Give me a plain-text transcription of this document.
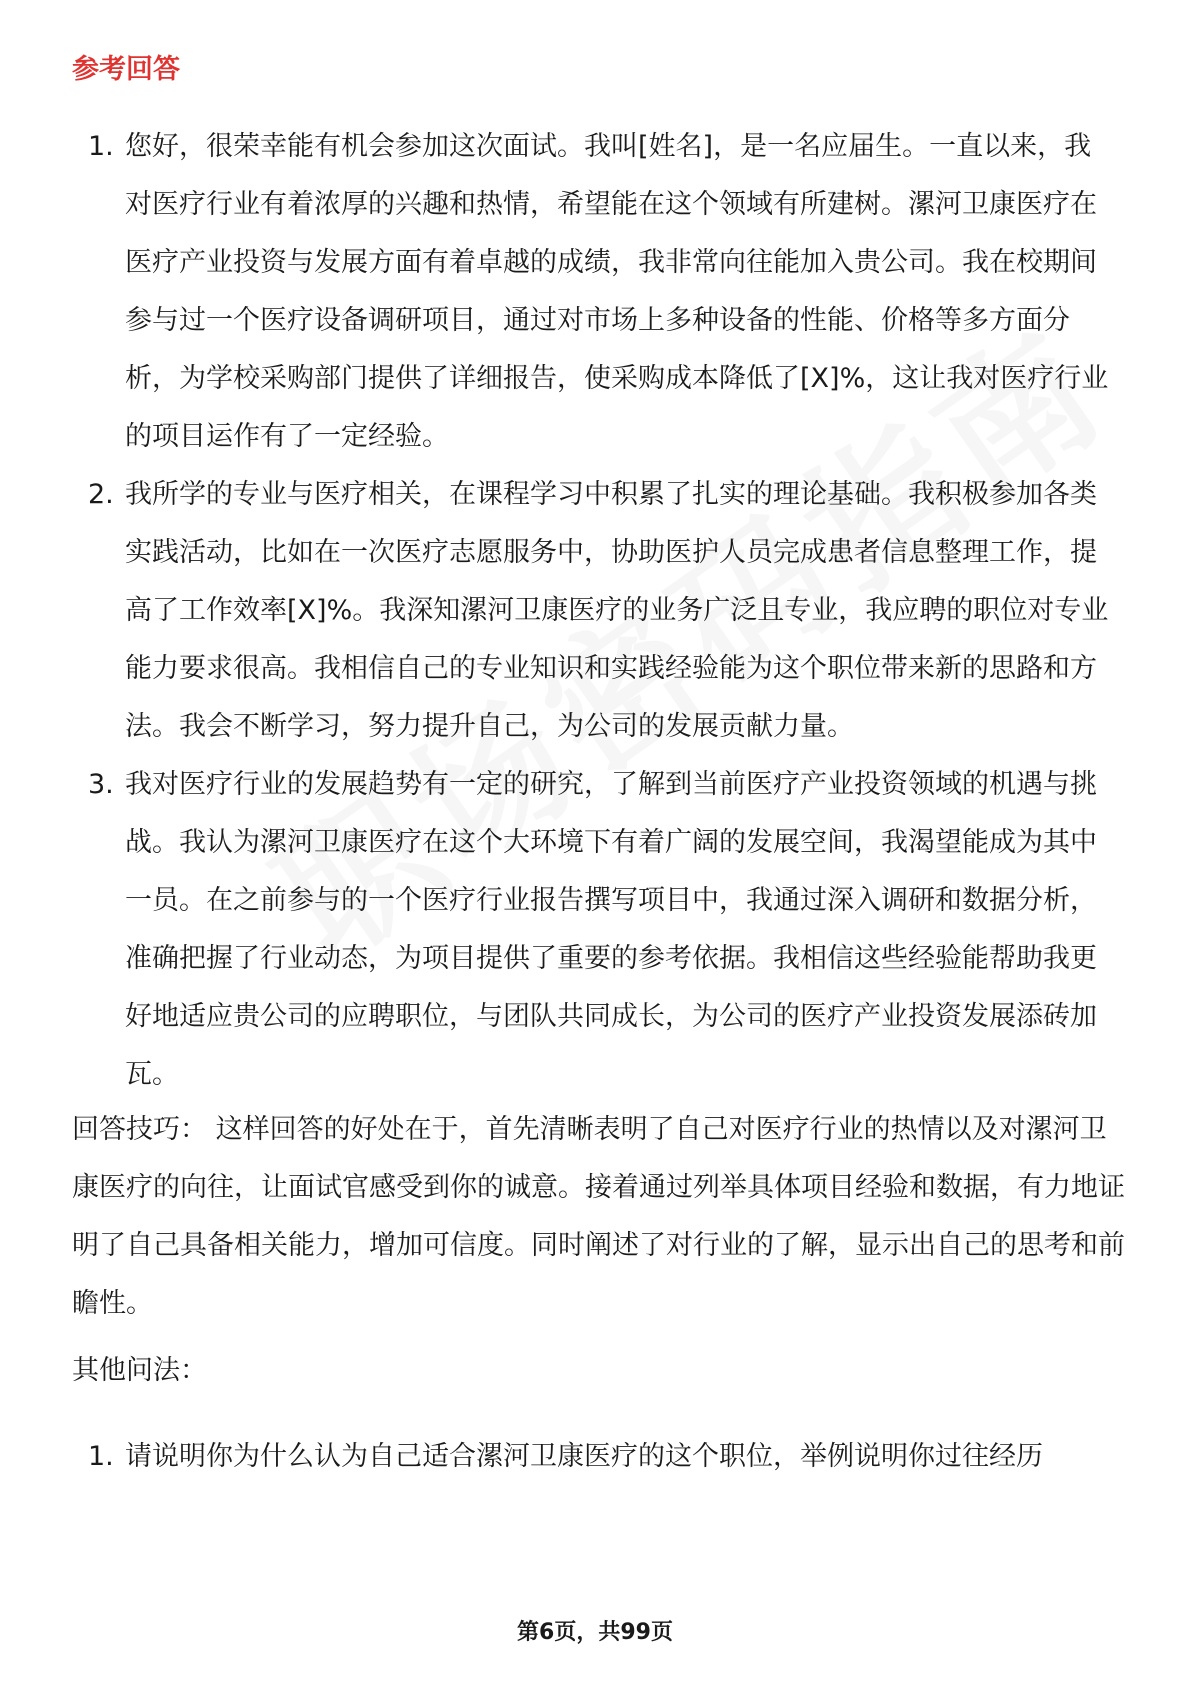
参考回答
1. 您好，很荣幸能有机会参加这次面试。我叫[姓名]，是一名应届生。一直以来，我对医疗行业有着浓厚的兴趣和热情，希望能在这个领域有所建树。漯河卫康医疗在医疗产业投资与发展方面有着卓越的成绩，我非常向往能加入贵公司。我在校期间参与过一个医疗设备调研项目，通过对市场上多种设备的性能、价格等多方面分析，为学校采购部门提供了详细报告，使采购成本降低了[X]%，这让我对医疗行业的项目运作有了一定经验。
2. 我所学的专业与医疗相关，在课程学习中积累了扎实的理论基础。我积极参加各类实践活动，比如在一次医疗志愿服务中，协助医护人员完成患者信息整理工作，提高了工作效率[X]%。我深知漯河卫康医疗的业务广泛且专业，我应聘的职位对专业能力要求很高。我相信自己的专业知识和实践经验能为这个职位带来新的思路和方法。我会不断学习，努力提升自己，为公司的发展贡献力量。
3. 我对医疗行业的发展趋势有一定的研究，了解到当前医疗产业投资领域的机遇与挑战。我认为漯河卫康医疗在这个大环境下有着广阔的发展空间，我渴望能成为其中一员。在之前参与的一个医疗行业报告撰写项目中，我通过深入调研和数据分析，准确把握了行业动态，为项目提供了重要的参考依据。我相信这些经验能帮助我更好地适应贵公司的应聘职位，与团队共同成长，为公司的医疗产业投资发展添砖加瓦。

回答技巧： 这样回答的好处在于，首先清晰表明了自己对医疗行业的热情以及对漯河卫康医疗的向往，让面试官感受到你的诚意。接着通过列举具体项目经验和数据，有力地证明了自己具备相关能力，增加可信度。同时阐述了对行业的了解，显示出自己的思考和前瞻性。

其他问法：

1. 请说明你为什么认为自己适合漯河卫康医疗的这个职位，举例说明你过往经历
第6页，共99页
